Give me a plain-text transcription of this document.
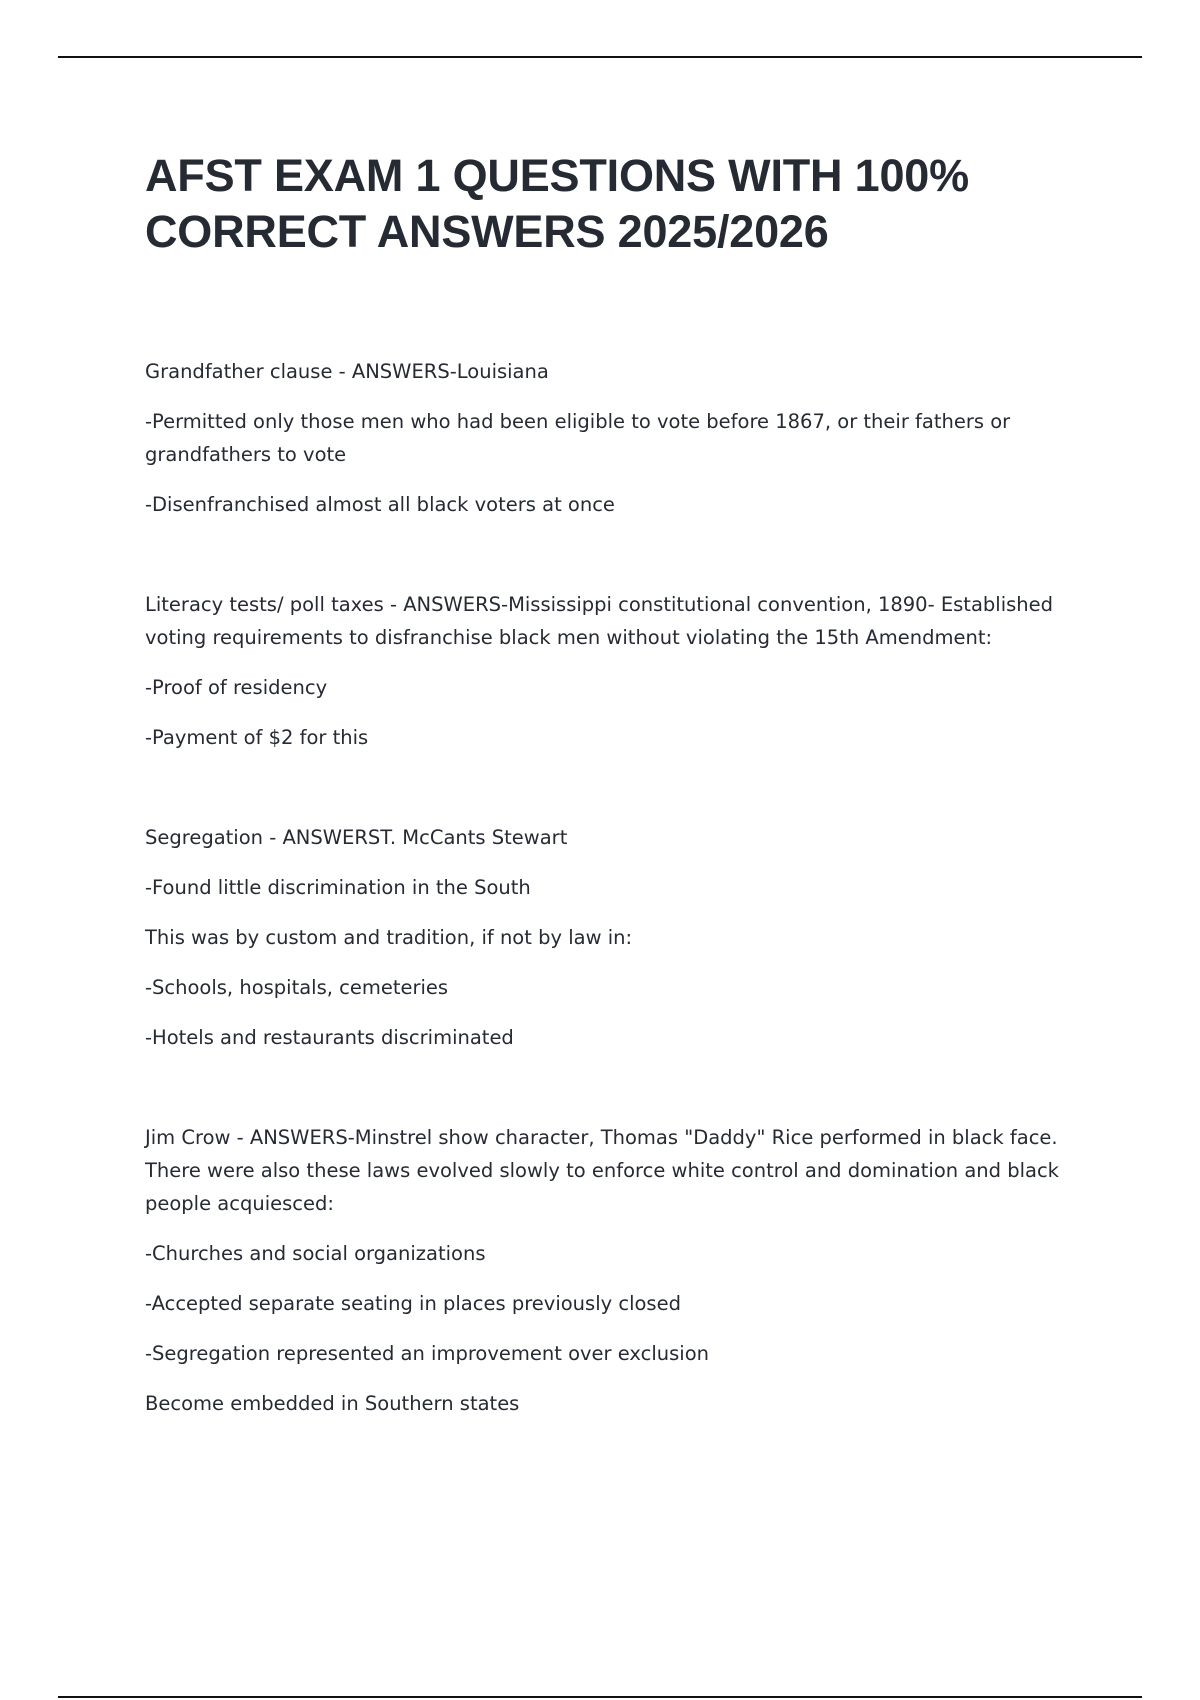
AFST EXAM 1 QUESTIONS WITH 100% CORRECT ANSWERS 2025/2026

Grandfather clause - ANSWERS-Louisiana

-Permitted only those men who had been eligible to vote before 1867, or their fathers or grandfathers to vote

-Disenfranchised almost all black voters at once

Literacy tests/ poll taxes - ANSWERS-Mississippi constitutional convention, 1890- Established voting requirements to disfranchise black men without violating the 15th Amendment:

-Proof of residency

-Payment of $2 for this

Segregation - ANSWERST. McCants Stewart

-Found little discrimination in the South

This was by custom and tradition, if not by law in:

-Schools, hospitals, cemeteries

-Hotels and restaurants discriminated

Jim Crow - ANSWERS-Minstrel show character, Thomas "Daddy" Rice performed in black face. There were also these laws evolved slowly to enforce white control and domination and black people acquiesced:

-Churches and social organizations

-Accepted separate seating in places previously closed

-Segregation represented an improvement over exclusion

Become embedded in Southern states
